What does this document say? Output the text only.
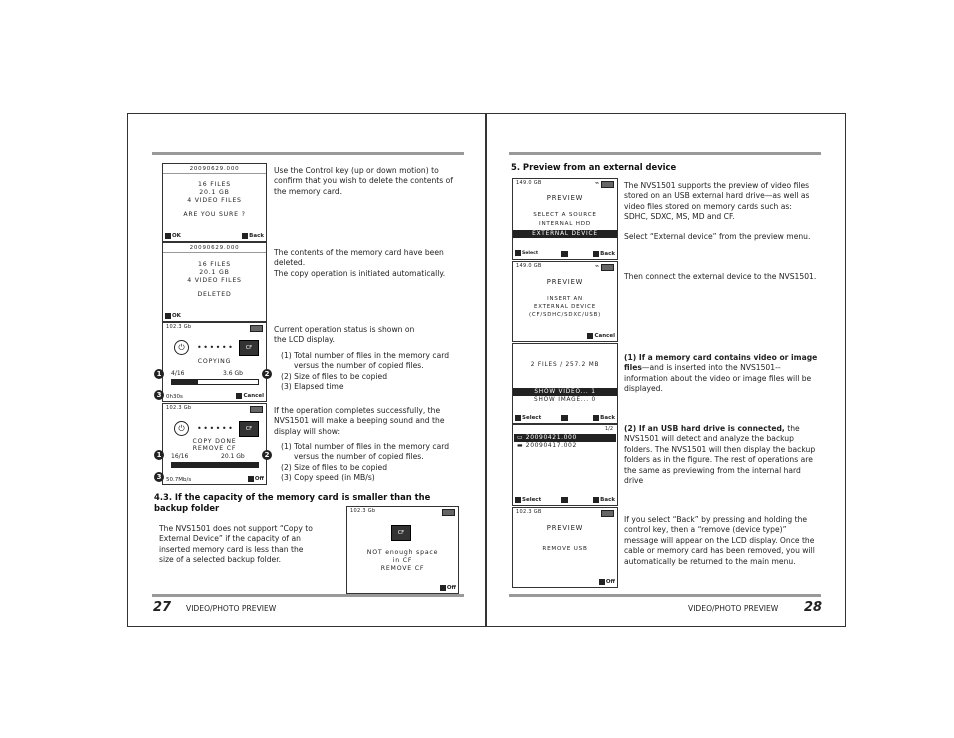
20090629.000
16 FILES
20.1 GB
4 VIDEO FILES
ARE YOU SURE ?
OK	Back
Use the Control key (up or down motion) to confirm that you wish to delete the contents of the memory card.
20090629.000
16 FILES
20.1 GB
4 VIDEO FILES
DELETED
OK

The contents of the memory card have been deleted.

The copy operation is initiated automatically.

102.3 Gb
⏻	••••••	CF
COPYING
4/16	3.6 Gb
0h30s	Cancel
1	2
3

Current operation status is shown on

the LCD display.

(1) Total number of files in the memory card versus the number of copied files.

(2) Size of files to be copied

(3) Elapsed time

102.3 Gb
⏻	••••••	CF
COPY DONE
REMOVE CF
16/16	20.1 Gb
50.7Mb/s	Off
1	2
3
If the operation completes successfully, the NVS1501 will make a beeping sound and the display will show:

(1) Total number of files in the memory card versus the number of copied files.

(2) Size of files to be copied

(3) Copy speed (in MB/s)

4.3. If the capacity of the memory card is smaller than the backup folder
The NVS1501 does not support “Copy to External Device” if the capacity of an inserted memory card is less than the size of a selected backup folder.
102.3 Gb
CF
NOT enough space
in CF
REMOVE CF
Off
27 VIDEO/PHOTO PREVIEW
5. Preview from an external device
149.0 GB	⌁
PREVIEW
SELECT A SOURCE
INTERNAL HDD
EXTERNAL DEVICE
Select	Back
The NVS1501 supports the preview of video files stored on an USB external hard drive—as well as video files stored on memory cards such as: SDHC, SDXC, MS, MD and CF.
Select “External device” from the preview menu.
149.0 GB	⌁
PREVIEW
INSERT AN
EXTERNAL DEVICE
(CF/SDHC/SDXC/USB)
Cancel
Then connect the external device to the NVS1501.
2 FILES / 257.2 MB
SHOW VIDEO... 1
SHOW IMAGE... 0
Select	Back
(1) If a memory card contains video or image files—and is inserted into the NVS1501--information about the video or image files will be displayed.
1/2
▭ 20090421.000
▬ 20090417.002
Select	Back
(2) If an USB hard drive is connected, the NVS1501 will detect and analyze the backup folders. The NVS1501 will then display the backup folders as in the figure. The rest of operations are the same as previewing from the internal hard drive
102.3 GB
PREVIEW
REMOVE USB
Off
If you select “Back” by pressing and holding the control key, then a “remove (device type)” message will appear on the LCD display. Once the cable or memory card has been removed, you will automatically be returned to the main menu.
VIDEO/PHOTO PREVIEW 28
